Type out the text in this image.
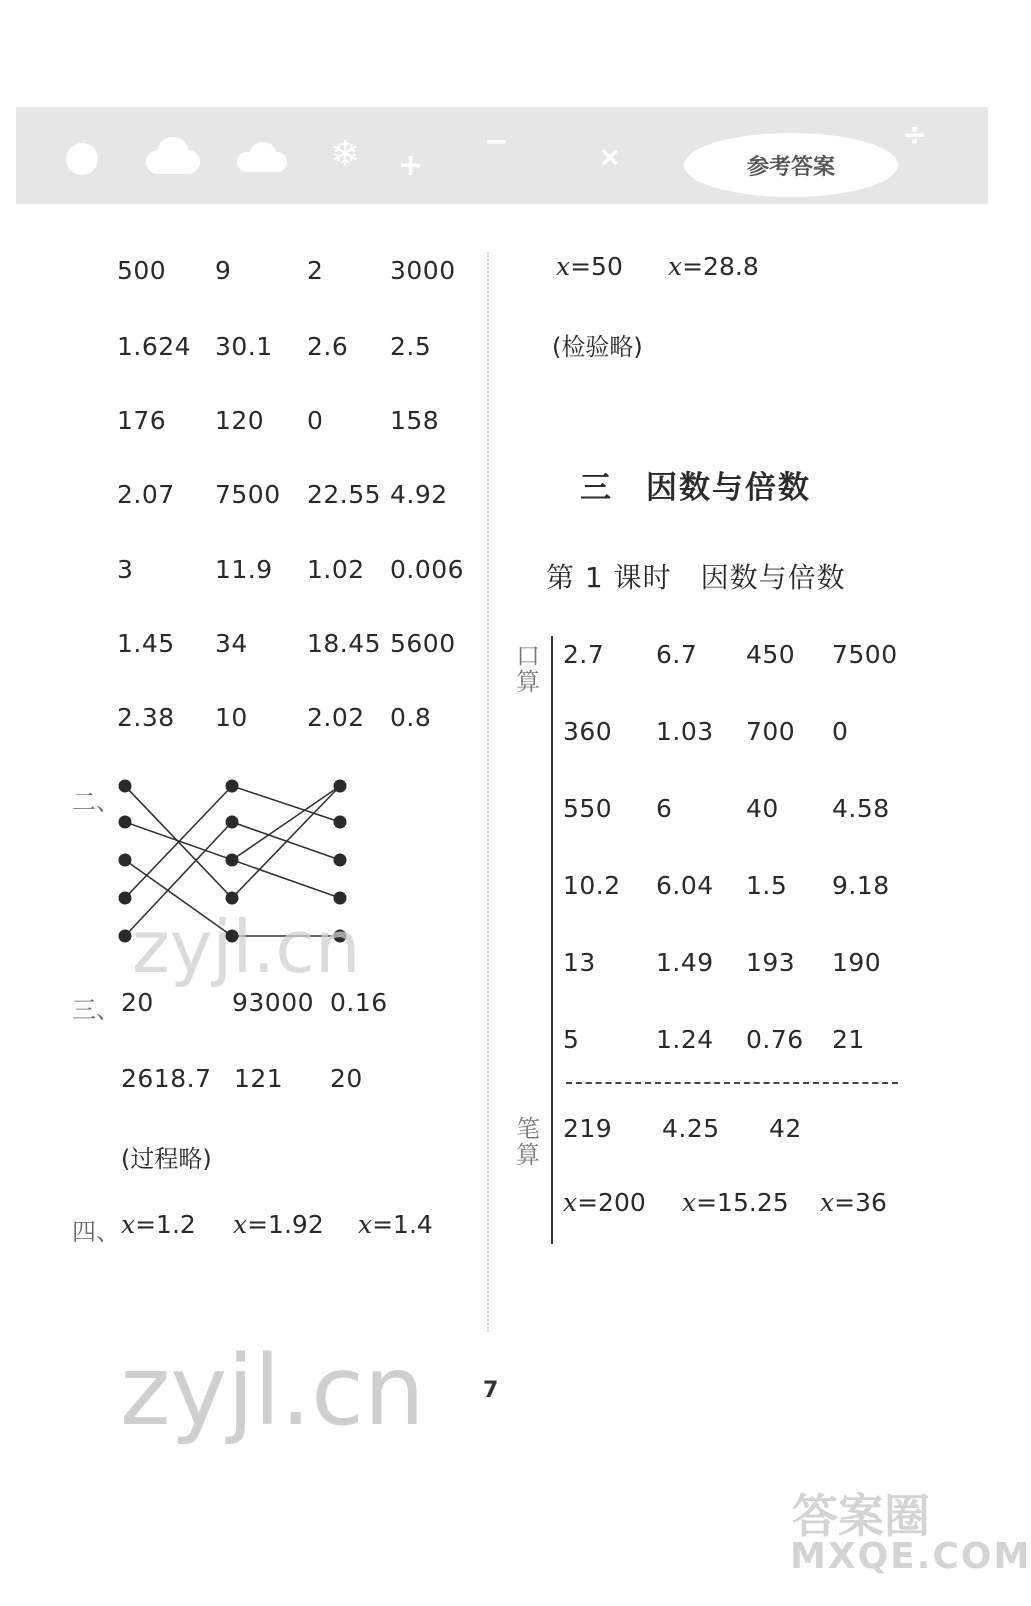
❄ +
−	×
÷
参考答案
500 9	2	3000
1.624 30.1 2.6 2.5
176 120 0	158
2.07 7500 22.55 4.92
3	11.9 1.02 0.006
1.45 34 18.45 5600
2.38 10 2.02 0.8
二、
三、 20	93000 0.16
2618.7 121 20
(过程略)
四、 x=1.2 x=1.92 x=1.4
x=50 x=28.8
(检验略)
三　因数与倍数
第 1 课时　因数与倍数
口算
2.7 6.7 450 7500
360 1.03 700 0
550 6	40 4.58
10.2 6.04 1.5 9.18
13 1.49 193 190
5	1.24 0.76 21
笔算
219 4.25 42
x=200 x=15.25 x=36
zyjl.cn
zyjl.cn	7
答案圈
MXQE.COM
